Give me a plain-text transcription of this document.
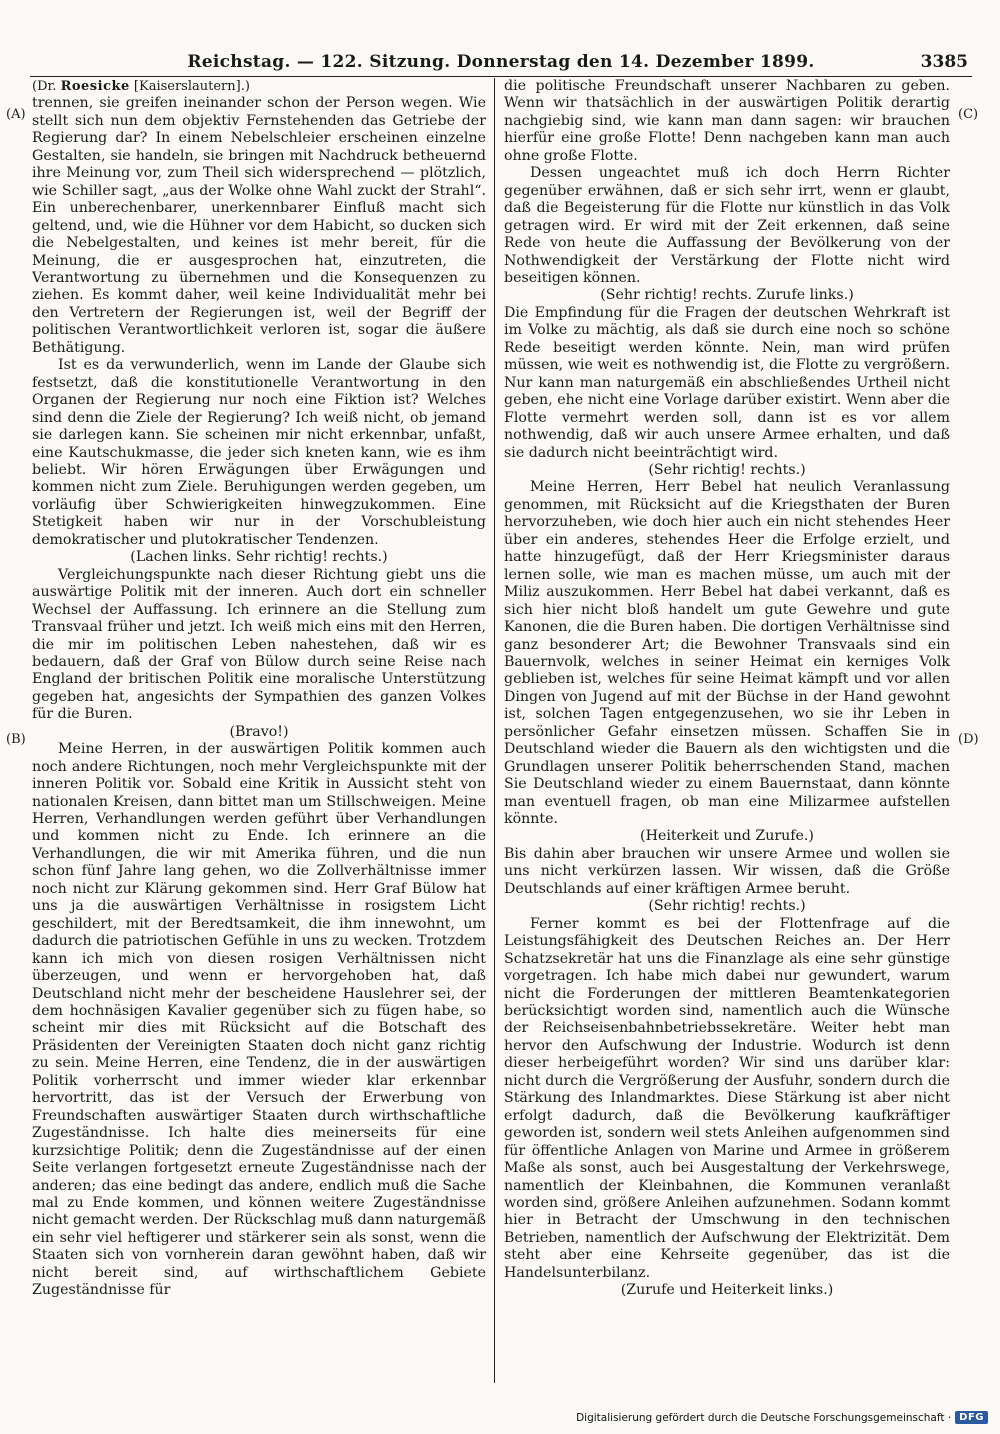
Reichstag. — 122. Sitzung. Donnerstag den 14. Dezember 1899.	3385
(A)
(B)
(C)
(D)

(Dr. Roesicke [Kaiserslautern].)

trennen, sie greifen ineinander schon der Person wegen. Wie stellt sich nun dem objektiv Fernstehenden das Getriebe der Regierung dar? In einem Nebelschleier erscheinen einzelne Gestalten, sie handeln, sie bringen mit Nachdruck betheuernd ihre Meinung vor, zum Theil sich widersprechend — plötzlich, wie Schiller sagt, „aus der Wolke ohne Wahl zuckt der Strahl“. Ein unberechenbarer, unerkennbarer Einfluß macht sich geltend, und, wie die Hühner vor dem Habicht, so ducken sich die Nebelgestalten, und keines ist mehr bereit, für die Meinung, die er ausgesprochen hat, einzutreten, die Verantwortung zu übernehmen und die Konsequenzen zu ziehen. Es kommt daher, weil keine Individualität mehr bei den Vertretern der Regierungen ist, weil der Begriff der politischen Verantwortlichkeit verloren ist, sogar die äußere Bethätigung.

Ist es da verwunderlich, wenn im Lande der Glaube sich festsetzt, daß die konstitutionelle Verantwortung in den Organen der Regierung nur noch eine Fiktion ist? Welches sind denn die Ziele der Regierung? Ich weiß nicht, ob jemand sie darlegen kann. Sie scheinen mir nicht erkennbar, unfaßt, eine Kautschukmasse, die jeder sich kneten kann, wie es ihm beliebt. Wir hören Erwägungen über Erwägungen und kommen nicht zum Ziele. Beruhigungen werden gegeben, um vorläufig über Schwierigkeiten hinwegzukommen. Eine Stetigkeit haben wir nur in der Vorschubleistung demokratischer und plutokratischer Tendenzen.

(Lachen links. Sehr richtig! rechts.)

Vergleichungspunkte nach dieser Richtung giebt uns die auswärtige Politik mit der inneren. Auch dort ein schneller Wechsel der Auffassung. Ich erinnere an die Stellung zum Transvaal früher und jetzt. Ich weiß mich eins mit den Herren, die mir im politischen Leben nahestehen, daß wir es bedauern, daß der Graf von Bülow durch seine Reise nach England der britischen Politik eine moralische Unterstützung gegeben hat, angesichts der Sympathien des ganzen Volkes für die Buren.

(Bravo!)

Meine Herren, in der auswärtigen Politik kommen auch noch andere Richtungen, noch mehr Vergleichspunkte mit der inneren Politik vor. Sobald eine Kritik in Aussicht steht von nationalen Kreisen, dann bittet man um Stillschweigen. Meine Herren, Verhandlungen werden geführt über Verhandlungen und kommen nicht zu Ende. Ich erinnere an die Verhandlungen, die wir mit Amerika führen, und die nun schon fünf Jahre lang gehen, wo die Zollverhältnisse immer noch nicht zur Klärung gekommen sind. Herr Graf Bülow hat uns ja die auswärtigen Verhältnisse in rosigstem Licht geschildert, mit der Beredtsamkeit, die ihm innewohnt, um dadurch die patriotischen Gefühle in uns zu wecken. Trotzdem kann ich mich von diesen rosigen Verhältnissen nicht überzeugen, und wenn er hervorgehoben hat, daß Deutschland nicht mehr der bescheidene Hauslehrer sei, der dem hochnäsigen Kavalier gegenüber sich zu fügen habe, so scheint mir dies mit Rücksicht auf die Botschaft des Präsidenten der Vereinigten Staaten doch nicht ganz richtig zu sein. Meine Herren, eine Tendenz, die in der auswärtigen Politik vorherrscht und immer wieder klar erkennbar hervortritt, das ist der Versuch der Erwerbung von Freundschaften auswärtiger Staaten durch wirthschaftliche Zugeständnisse. Ich halte dies meinerseits für eine kurzsichtige Politik; denn die Zugeständnisse auf der einen Seite verlangen fortgesetzt erneute Zugeständnisse nach der anderen; das eine bedingt das andere, endlich muß die Sache mal zu Ende kommen, und können weitere Zugeständnisse nicht gemacht werden. Der Rückschlag muß dann naturgemäß ein sehr viel heftigerer und stärkerer sein als sonst, wenn die Staaten sich von vornherein daran gewöhnt haben, daß wir nicht bereit sind, auf wirthschaftlichem Gebiete Zugeständnisse für

die politische Freundschaft unserer Nachbaren zu geben. Wenn wir thatsächlich in der auswärtigen Politik derartig nachgiebig sind, wie kann man dann sagen: wir brauchen hierfür eine große Flotte! Denn nachgeben kann man auch ohne große Flotte.

Dessen ungeachtet muß ich doch Herrn Richter gegenüber erwähnen, daß er sich sehr irrt, wenn er glaubt, daß die Begeisterung für die Flotte nur künstlich in das Volk getragen wird. Er wird mit der Zeit erkennen, daß seine Rede von heute die Auffassung der Bevölkerung von der Nothwendigkeit der Verstärkung der Flotte nicht wird beseitigen können.

(Sehr richtig! rechts. Zurufe links.)

Die Empfindung für die Fragen der deutschen Wehrkraft ist im Volke zu mächtig, als daß sie durch eine noch so schöne Rede beseitigt werden könnte. Nein, man wird prüfen müssen, wie weit es nothwendig ist, die Flotte zu vergrößern. Nur kann man naturgemäß ein abschließendes Urtheil nicht geben, ehe nicht eine Vorlage darüber existirt. Wenn aber die Flotte vermehrt werden soll, dann ist es vor allem nothwendig, daß wir auch unsere Armee erhalten, und daß sie dadurch nicht beeinträchtigt wird.

(Sehr richtig! rechts.)

Meine Herren, Herr Bebel hat neulich Veranlassung genommen, mit Rücksicht auf die Kriegsthaten der Buren hervorzuheben, wie doch hier auch ein nicht stehendes Heer über ein anderes, stehendes Heer die Erfolge erzielt, und hatte hinzugefügt, daß der Herr Kriegsminister daraus lernen solle, wie man es machen müsse, um auch mit der Miliz auszukommen. Herr Bebel hat dabei verkannt, daß es sich hier nicht bloß handelt um gute Gewehre und gute Kanonen, die die Buren haben. Die dortigen Verhältnisse sind ganz besonderer Art; die Bewohner Transvaals sind ein Bauernvolk, welches in seiner Heimat ein kerniges Volk geblieben ist, welches für seine Heimat kämpft und vor allen Dingen von Jugend auf mit der Büchse in der Hand gewohnt ist, solchen Tagen entgegenzusehen, wo sie ihr Leben in persönlicher Gefahr einsetzen müssen. Schaffen Sie in Deutschland wieder die Bauern als den wichtigsten und die Grundlagen unserer Politik beherrschenden Stand, machen Sie Deutschland wieder zu einem Bauernstaat, dann könnte man eventuell fragen, ob man eine Milizarmee aufstellen könnte.

(Heiterkeit und Zurufe.)

Bis dahin aber brauchen wir unsere Armee und wollen sie uns nicht verkürzen lassen. Wir wissen, daß die Größe Deutschlands auf einer kräftigen Armee beruht.

(Sehr richtig! rechts.)

Ferner kommt es bei der Flottenfrage auf die Leistungsfähigkeit des Deutschen Reiches an. Der Herr Schatzsekretär hat uns die Finanzlage als eine sehr günstige vorgetragen. Ich habe mich dabei nur gewundert, warum nicht die Forderungen der mittleren Beamtenkategorien berücksichtigt worden sind, namentlich auch die Wünsche der Reichseisenbahnbetriebssekretäre. Weiter hebt man hervor den Aufschwung der Industrie. Wodurch ist denn dieser herbeigeführt worden? Wir sind uns darüber klar: nicht durch die Vergrößerung der Ausfuhr, sondern durch die Stärkung des Inlandmarktes. Diese Stärkung ist aber nicht erfolgt dadurch, daß die Bevölkerung kaufkräftiger geworden ist, sondern weil stets Anleihen aufgenommen sind für öffentliche Anlagen von Marine und Armee in größerem Maße als sonst, auch bei Ausgestaltung der Verkehrswege, namentlich der Kleinbahnen, die Kommunen veranlaßt worden sind, größere Anleihen aufzunehmen. Sodann kommt hier in Betracht der Umschwung in den technischen Betrieben, namentlich der Aufschwung der Elektrizität. Dem steht aber eine Kehrseite gegenüber, das ist die Handelsunterbilanz.

(Zurufe und Heiterkeit links.)

Digitalisierung gefördert durch die Deutsche Forschungsgemeinschaft · DFG
